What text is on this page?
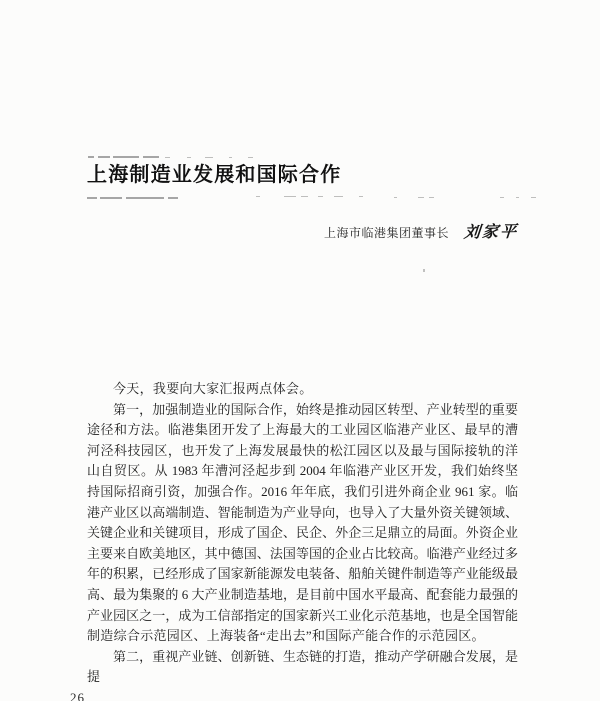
上海制造业发展和国际合作
上海市临港集团董事长 刘家平
今天，我要向大家汇报两点体会。
第一，加强制造业的国际合作，始终是推动园区转型、产业转型的重要
途径和方法。临港集团开发了上海最大的工业园区临港产业区、最早的漕
河泾科技园区，也开发了上海发展最快的松江园区以及最与国际接轨的洋
山自贸区。从 1983 年漕河泾起步到 2004 年临港产业区开发，我们始终坚
持国际招商引资，加强合作。2016 年年底，我们引进外商企业 961 家。临
港产业区以高端制造、智能制造为产业导向，也导入了大量外资关键领域、
关键企业和关键项目，形成了国企、民企、外企三足鼎立的局面。外资企业
主要来自欧美地区，其中德国、法国等国的企业占比较高。临港产业经过多
年的积累，已经形成了国家新能源发电装备、船舶关键件制造等产业能级最
高、最为集聚的 6 大产业制造基地，是目前中国水平最高、配套能力最强的
产业园区之一，成为工信部指定的国家新兴工业化示范基地，也是全国智能
制造综合示范园区、上海装备“走出去”和国际产能合作的示范园区。
第二，重视产业链、创新链、生态链的打造，推动产学研融合发展，是提
26
